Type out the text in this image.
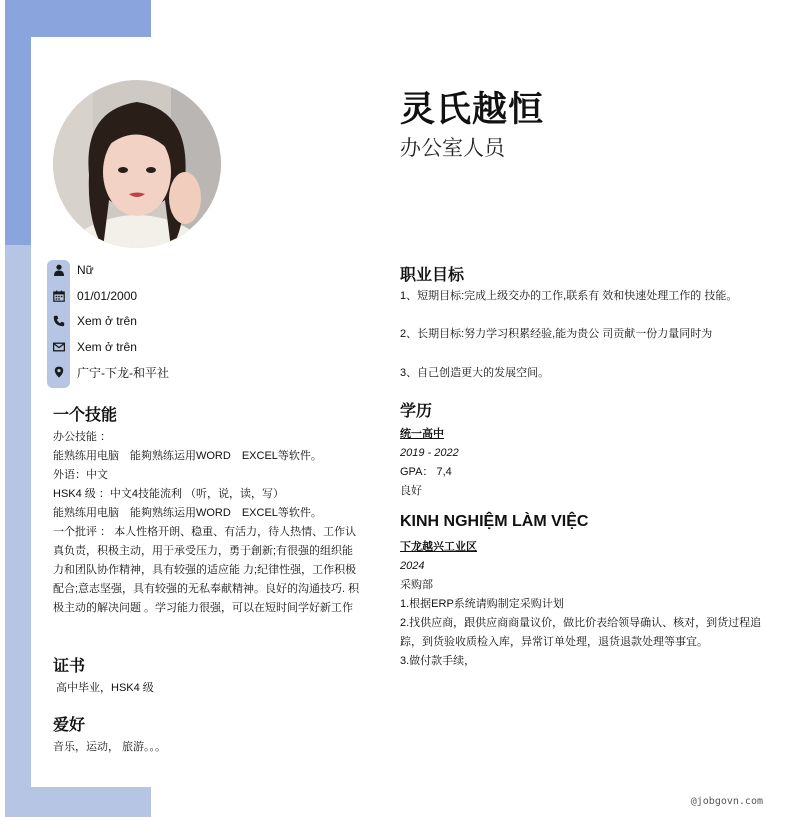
灵氏越恒
办公室人员
Nữ
01/01/2000
Xem ở trên
Xem ở trên
广宁-下龙-和平社
一个技能

办公技能 ：

能熟练用电脑　能夠熟练运用WORD　EXCEL等软件。

外语：中文

HSK4 级 ：中文4技能流利 （听，说，读，写）

能熟练用电脑　能夠熟练运用WORD　EXCEL等软件。

一个批评 ： 本人性格开朗、稳重、有活力，待人热情、工作认真负责，积极主动，用于承受压力，勇于創新;有很强的组织能力和团队协作精神，具有较强的适应能 力;纪律性强，工作积极配合;意志坚强，具有较强的无私奉献精神。良好的沟通技巧. 积极主动的解决问题 。学习能力很强，可以在短时间学好新工作

证书
高中毕业，HSK4 级
爱好
音乐，运动， 旅游。。。
职业目标

1、短期目标:完成上级交办的工作,联系有 效和快速处理工作的 技能。

2、长期目标:努力学习积累经验,能为贵公 司贡献一份力量同时为

3、自己创造更大的发展空间。

学历
统一高中
2019 - 2022
GPA： 7,4
良好
KINH NGHIỆM LÀM VIỆC
下龙越兴工业区
2024
采购部

1.根据ERP系统请购制定采购计划

2.找供应商，跟供应商商量议价，做比价表给领导确认、核对，到货过程追踪，到货验收质检入库，异常订单处理，退货退款处理等事宜。

3.做付款手续，

@jobgovn.com
